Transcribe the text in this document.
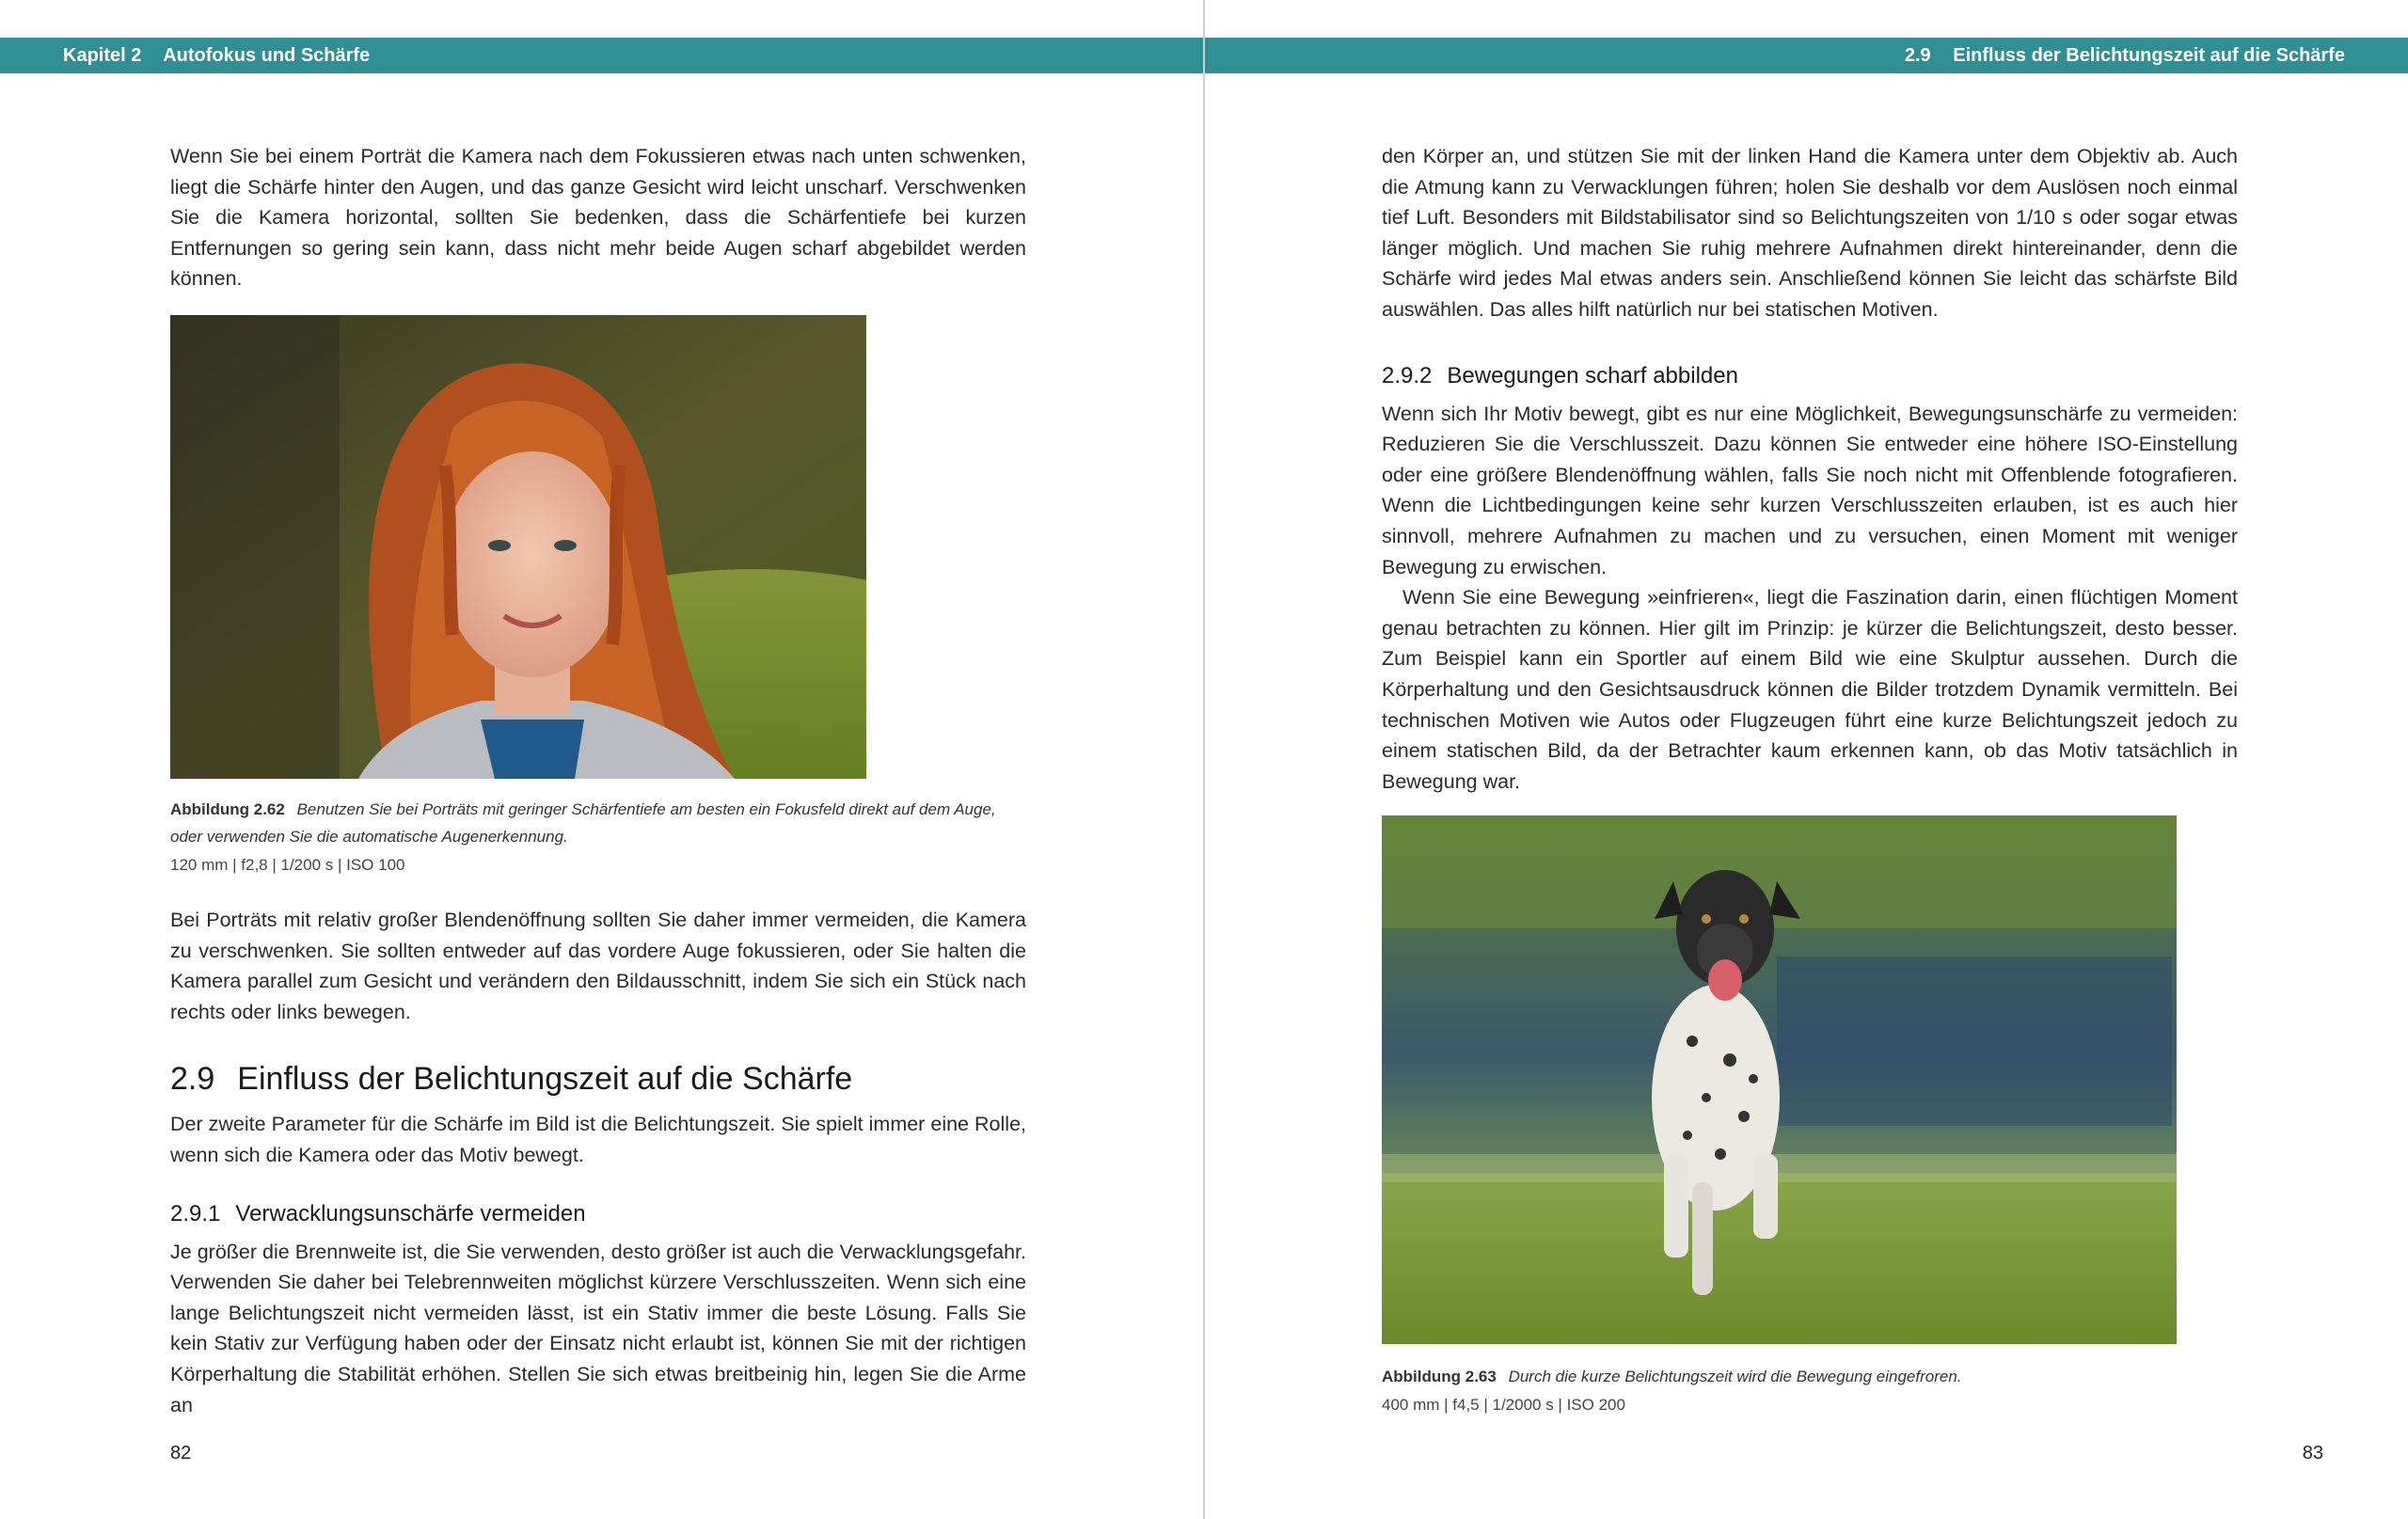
Kapitel 2 Autofokus und Schärfe	2.9 Einfluss der Belichtungszeit auf die Schärfe

Wenn Sie bei einem Porträt die Kamera nach dem Fokussieren etwas nach unten schwenken, liegt die Schärfe hinter den Augen, und das ganze Gesicht wird leicht unscharf. Verschwenken Sie die Kamera horizontal, sollten Sie bedenken, dass die Schärfentiefe bei kurzen Entfernungen so gering sein kann, dass nicht mehr beide Augen scharf abgebildet werden können.

Abbildung 2.62 Benutzen Sie bei Porträts mit geringer Schärfentiefe am besten ein Fokusfeld direkt auf dem Auge, oder verwenden Sie die automatische Augenerkennung.
120 mm | f2,8 | 1/200 s | ISO 100

Bei Porträts mit relativ großer Blendenöffnung sollten Sie daher immer vermeiden, die Kamera zu verschwenken. Sie sollten entweder auf das vordere Auge fokussieren, oder Sie halten die Kamera parallel zum Gesicht und verändern den Bildausschnitt, indem Sie sich ein Stück nach rechts oder links bewegen.

2.9 Einfluss der Belichtungszeit auf die Schärfe

Der zweite Parameter für die Schärfe im Bild ist die Belichtungszeit. Sie spielt immer eine Rolle, wenn sich die Kamera oder das Motiv bewegt.

2.9.1 Verwacklungsunschärfe vermeiden

Je größer die Brennweite ist, die Sie verwenden, desto größer ist auch die Verwacklungsgefahr. Verwenden Sie daher bei Telebrennweiten möglichst kürzere Verschlusszeiten. Wenn sich eine lange Belichtungszeit nicht vermeiden lässt, ist ein Stativ immer die beste Lösung. Falls Sie kein Stativ zur Verfügung haben oder der Einsatz nicht erlaubt ist, können Sie mit der richtigen Körperhaltung die Stabilität erhöhen. Stellen Sie sich etwas breitbeinig hin, legen Sie die Arme an

82

den Körper an, und stützen Sie mit der linken Hand die Kamera unter dem Objektiv ab. Auch die Atmung kann zu Verwacklungen führen; holen Sie deshalb vor dem Auslösen noch einmal tief Luft. Besonders mit Bildstabilisator sind so Belichtungszeiten von 1/10 s oder sogar etwas länger möglich. Und machen Sie ruhig mehrere Aufnahmen direkt hintereinander, denn die Schärfe wird jedes Mal etwas anders sein. Anschließend können Sie leicht das schärfste Bild auswählen. Das alles hilft natürlich nur bei statischen Motiven.

2.9.2 Bewegungen scharf abbilden

Wenn sich Ihr Motiv bewegt, gibt es nur eine Möglichkeit, Bewegungsunschärfe zu vermeiden: Reduzieren Sie die Verschlusszeit. Dazu können Sie entweder eine höhere ISO-Einstellung oder eine größere Blendenöffnung wählen, falls Sie noch nicht mit Offenblende fotografieren. Wenn die Lichtbedingungen keine sehr kurzen Verschlusszeiten erlauben, ist es auch hier sinnvoll, mehrere Aufnahmen zu machen und zu versuchen, einen Moment mit weniger Bewegung zu erwischen.

Wenn Sie eine Bewegung »einfrieren«, liegt die Faszination darin, einen flüchtigen Moment genau betrachten zu können. Hier gilt im Prinzip: je kürzer die Belichtungszeit, desto besser. Zum Beispiel kann ein Sportler auf einem Bild wie eine Skulptur aussehen. Durch die Körperhaltung und den Gesichtsausdruck können die Bilder trotzdem Dynamik vermitteln. Bei technischen Motiven wie Autos oder Flugzeugen führt eine kurze Belichtungszeit jedoch zu einem statischen Bild, da der Betrachter kaum erkennen kann, ob das Motiv tatsächlich in Bewegung war.

Abbildung 2.63 Durch die kurze Belichtungszeit wird die Bewegung eingefroren.
400 mm | f4,5 | 1/2000 s | ISO 200
83
